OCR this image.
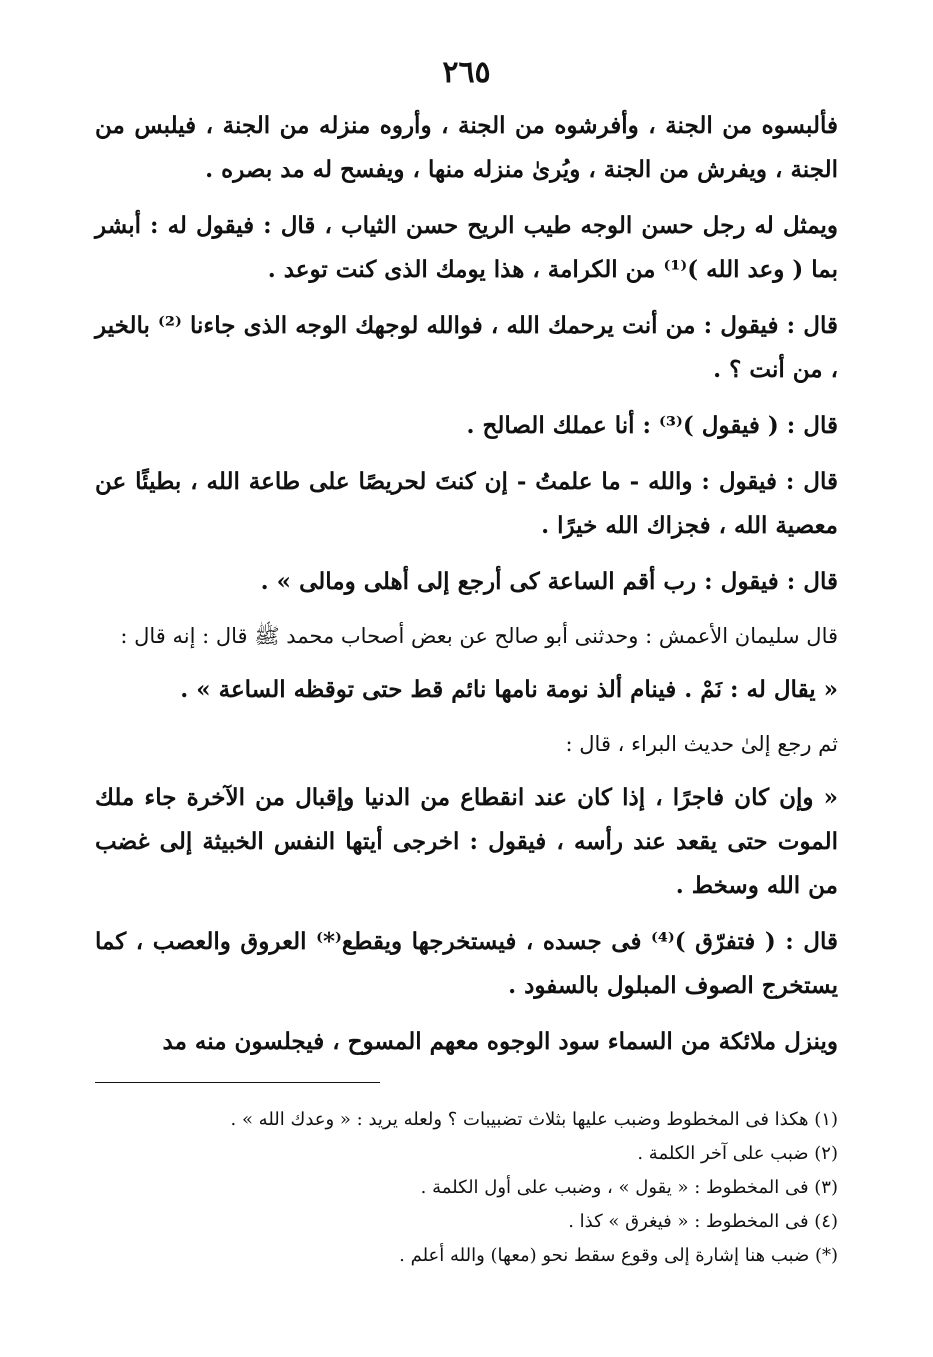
٢٦٥

فألبسوه من الجنة ، وأفرشوه من الجنة ، وأروه منزله من الجنة ، فيلبس من الجنة ، ويفرش من الجنة ، ويُرىٰ منزله منها ، ويفسح له مد بصره .

ويمثل له رجل حسن الوجه طيب الريح حسن الثياب ، قال : فيقول له : أبشر بما ( وعد الله )⁽¹⁾ من الكرامة ، هذا يومك الذى كنت توعد .

قال : فيقول : من أنت يرحمك الله ، فوالله لوجهك الوجه الذى جاءنا ⁽²⁾ بالخير ، من أنت ؟ .

قال : ( فيقول )⁽³⁾ : أنا عملك الصالح .

قال : فيقول : والله - ما علمتُ - إن كنتَ لحريصًا على طاعة الله ، بطيئًا عن معصية الله ، فجزاك الله خيرًا .

قال : فيقول : رب أقم الساعة كى أرجع إلى أهلى ومالى » .

قال سليمان الأعمش : وحدثنى أبو صالح عن بعض أصحاب محمد ﷺ قال : إنه قال :

« يقال له : نَمْ . فينام ألذ نومة نامها نائم قط حتى توقظه الساعة » .

ثم رجع إلىٰ حديث البراء ، قال :

« وإن كان فاجرًا ، إذا كان عند انقطاع من الدنيا وإقبال من الآخرة جاء ملك الموت حتى يقعد عند رأسه ، فيقول : اخرجى أيتها النفس الخبيثة إلى غضب من الله وسخط .

قال : ( فتفرّق )⁽⁴⁾ فى جسده ، فيستخرجها ويقطع⁽*⁾ العروق والعصب ، كما يستخرج الصوف المبلول بالسفود .

وينزل ملائكة من السماء سود الوجوه معهم المسوح ، فيجلسون منه مد

(١) هكذا فى المخطوط وضبب عليها بثلاث تضبيبات ؟ ولعله يريد : « وعدك الله » .

(٢) ضبب على آخر الكلمة .

(٣) فى المخطوط : « يقول » ، وضبب على أول الكلمة .

(٤) فى المخطوط : « فيغرق » كذا .

(*) ضبب هنا إشارة إلى وقوع سقط نحو (معها) والله أعلم .
